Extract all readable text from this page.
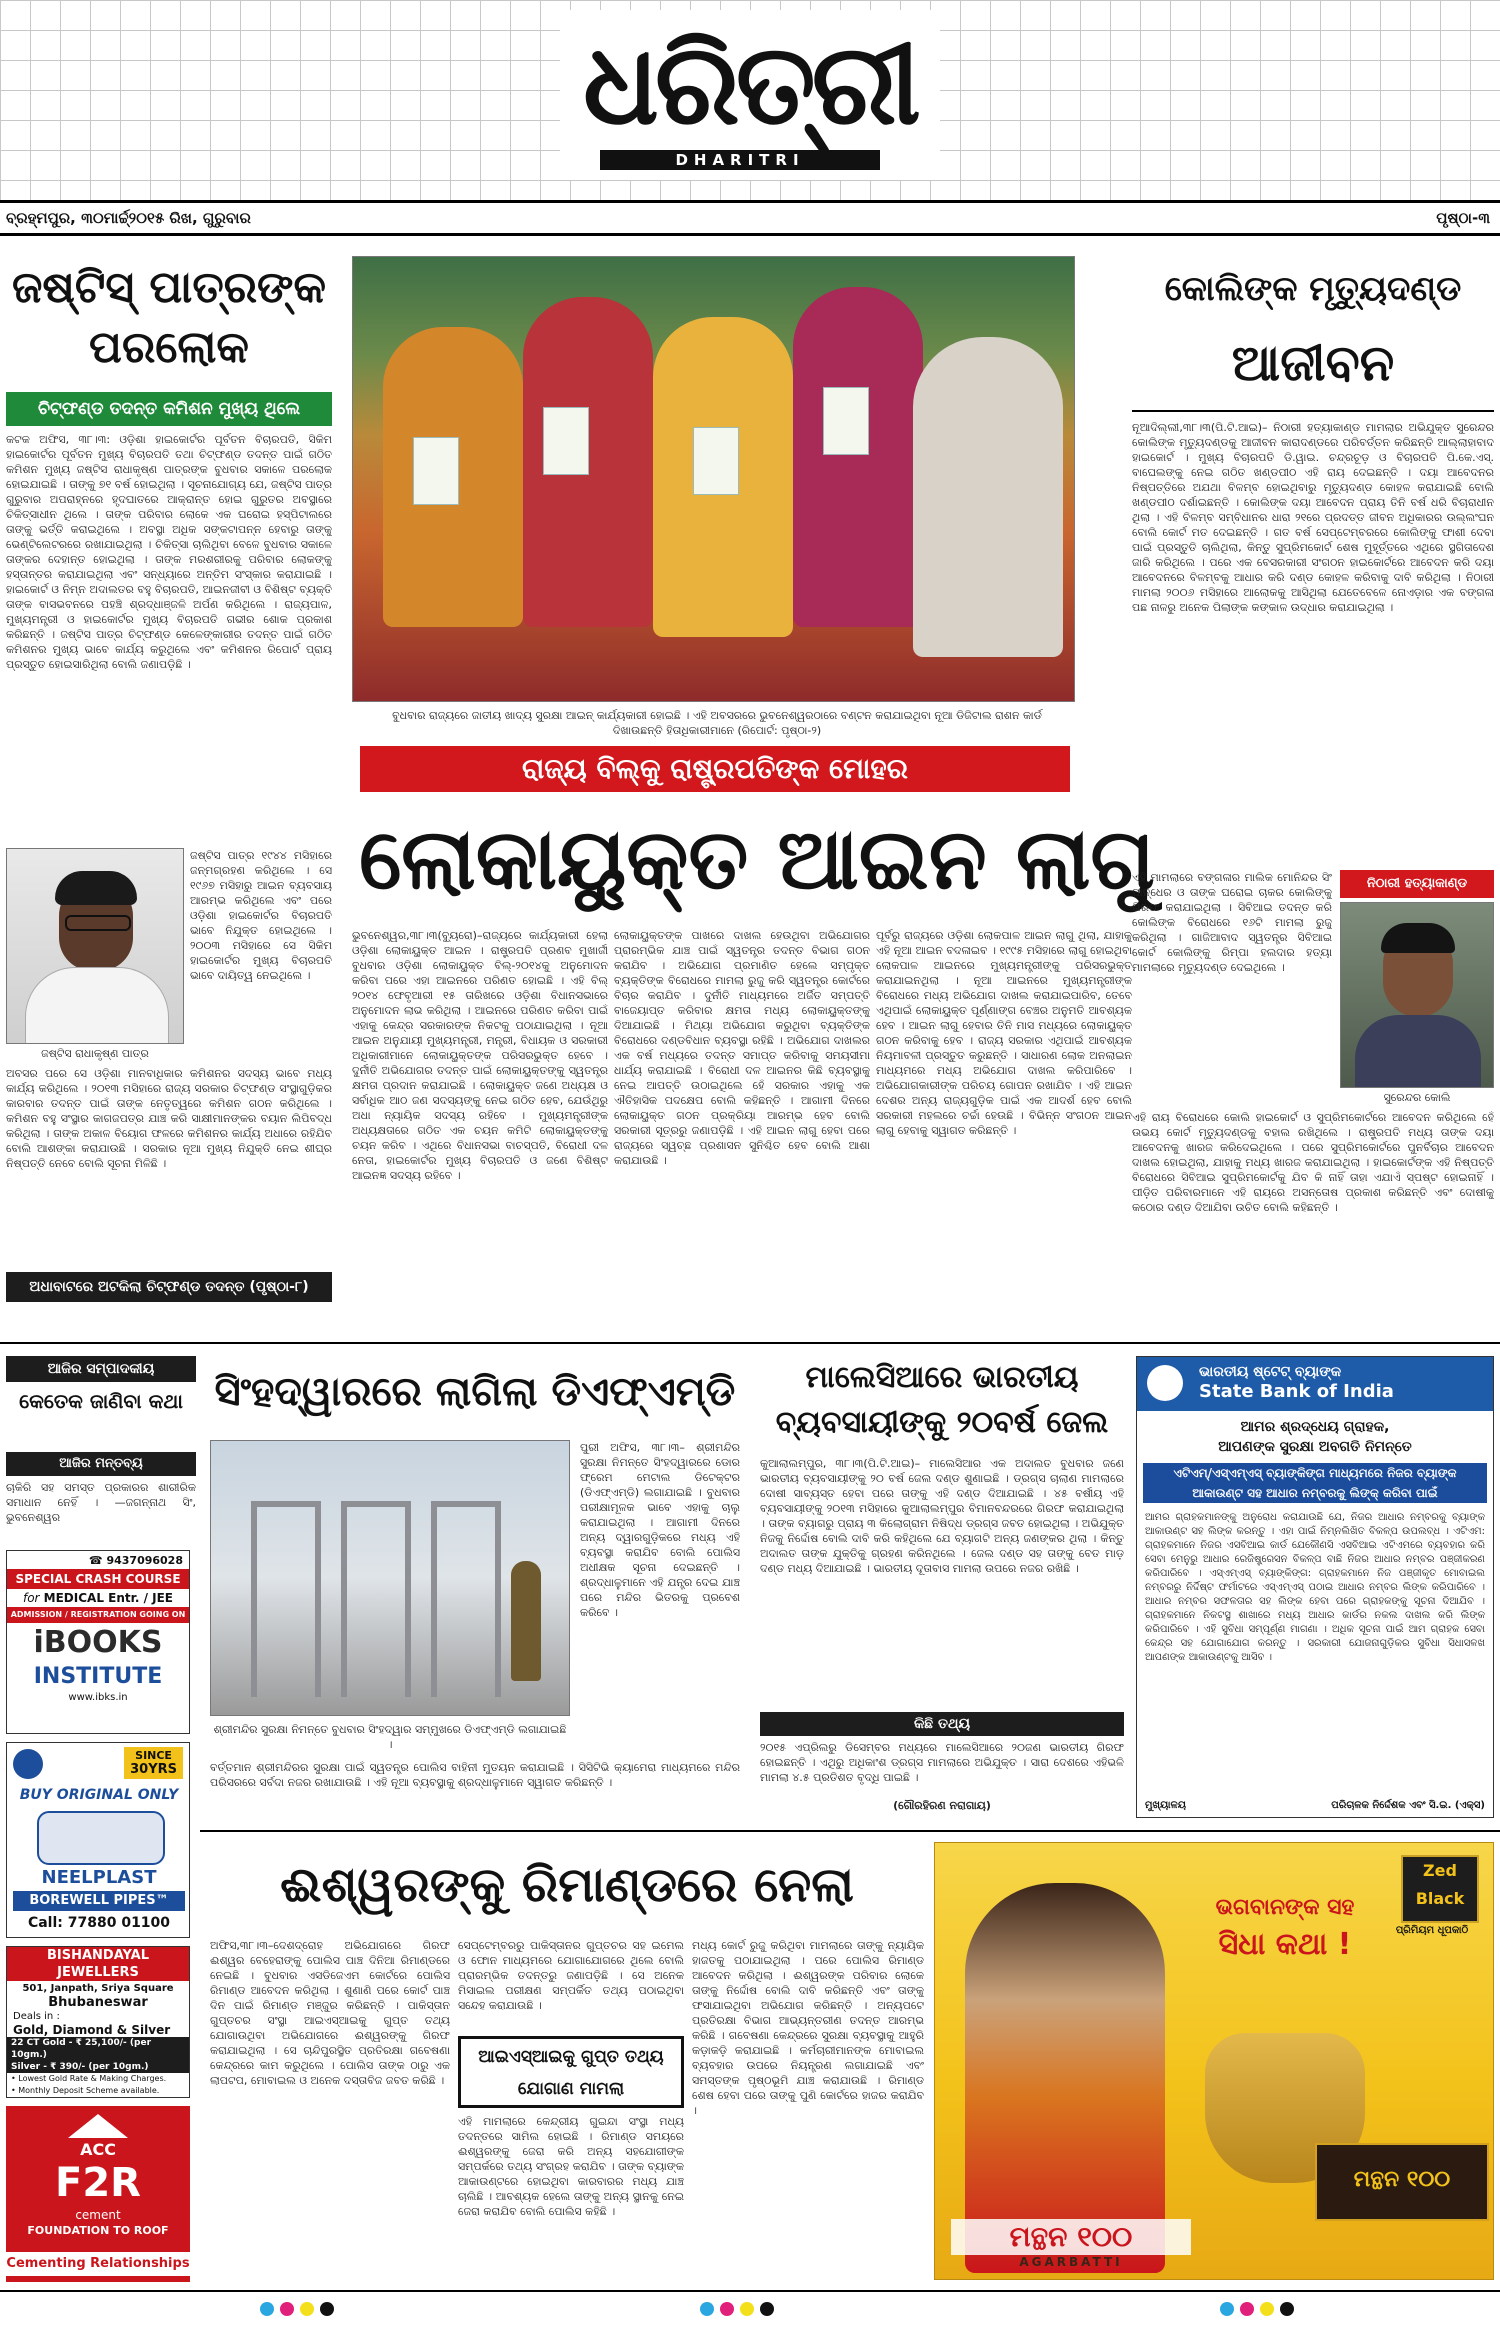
ଧରିତ୍ରୀ
DHARITRI
ବ୍ରହ୍ମପୁର, ୩୦ମାର୍ଚ୍ଚ୍୨୦୧୫ ରିଖ, ଗୁରୁବାର	ପୃଷ୍ଠା-୩
ଜଷ୍ଟିସ୍ ପାତ୍ରଙ୍କ ପରଲୋକ
ଚିଟ୍‌ଫଣ୍ଡ ତଦନ୍ତ କମିଶନ ମୁଖ୍ୟ ଥିଲେ
କଟକ ଅଫିସ, ୩୮।୩: ଓଡ଼ିଶା ହାଇକୋର୍ଟର ପୂର୍ବତନ ବିଚାରପତି, ସିକିମ ହାଇକୋର୍ଟର ପୂର୍ବତନ ମୁଖ୍ୟ ବିଚାରପତି ତଥା ଚିଟ୍‌ଫଣ୍ଡ ତଦନ୍ତ ପାଇଁ ଗଠିତ କମିଶନ ମୁଖ୍ୟ ଜଷ୍ଟିସ ରାଧାକୃଷ୍ଣ ପାତ୍ରଙ୍କ ବୁଧବାର ସକାଳେ ପରଲୋକ ହୋଇଯାଇଛି । ତାଙ୍କୁ ୭୧ ବର୍ଷ ହୋଇଥିଲା । ସୂଚନାଯୋଗ୍ୟ ଯେ, ଜଷ୍ଟିସ ପାତ୍ର ଗୁରୁବାର ଅପରାହ୍ନରେ ହୃଦଘାତରେ ଆକ୍ରାନ୍ତ ହୋଇ ଗୁରୁତର ଅବସ୍ଥାରେ ଚିକିତ୍ସାଧୀନ ଥିଲେ । ତାଙ୍କ ପରିବାର ଲୋକେ ଏକ ଘରୋଇ ହସ୍ପିଟାଲରେ ତାଙ୍କୁ ଭର୍ତ୍ତି କରାଇଥିଲେ । ଅବସ୍ଥା ଅଧିକ ସଙ୍କଟାପନ୍ନ ହେବାରୁ ତାଙ୍କୁ ଭେଣ୍ଟିଲେଟରରେ ରଖାଯାଇଥିଲା । ଚିକିତ୍ସା ଚାଲିଥିବା ବେଳେ ବୁଧବାର ସକାଳେ ତାଙ୍କର ଦେହାନ୍ତ ହୋଇଥିଲା । ତାଙ୍କ ମରଶରୀରକୁ ପରିବାର ଲୋକଙ୍କୁ ହସ୍ତାନ୍ତର କରାଯାଇଥିଲା ଏବଂ ସନ୍ଧ୍ୟାରେ ଅନ୍ତିମ ସଂସ୍କାର କରାଯାଇଛି । ହାଇକୋର୍ଟ ଓ ନିମ୍ନ ଅଦାଲତର ବହୁ ବିଚାରପତି, ଆଇନଜୀବୀ ଓ ବିଶିଷ୍ଟ ବ୍ୟକ୍ତି ତାଙ୍କ ବାସଭବନରେ ପହଞ୍ଚି ଶ୍ରଦ୍ଧାଞ୍ଜଳି ଅର୍ପଣ କରିଥିଲେ । ରାଜ୍ୟପାଳ, ମୁଖ୍ୟମନ୍ତ୍ରୀ ଓ ହାଇକୋର୍ଟର ମୁଖ୍ୟ ବିଚାରପତି ଗଭୀର ଶୋକ ପ୍ରକାଶ କରିଛନ୍ତି । ଜଷ୍ଟିସ ପାତ୍ର ଚିଟ୍‌ଫଣ୍ଡ କେଳେଙ୍କାରୀର ତଦନ୍ତ ପାଇଁ ଗଠିତ କମିଶନର ମୁଖ୍ୟ ଭାବେ କାର୍ଯ୍ୟ କରୁଥିଲେ ଏବଂ କମିଶନର ରିପୋର୍ଟ ପ୍ରାୟ ପ୍ରସ୍ତୁତ ହୋଇସାରିଥିଲା ବୋଲି ଜଣାପଡ଼ିଛି ।
ଜଷ୍ଟିସ ରାଧାକୃଷ୍ଣ ପାତ୍ର
ଜଷ୍ଟିସ ପାତ୍ର ୧୯୪୪ ମସିହାରେ ଜନ୍ମଗ୍ରହଣ କରିଥିଲେ । ସେ ୧୯୬୭ ମସିହାରୁ ଆଇନ ବ୍ୟବସାୟ ଆରମ୍ଭ କରିଥିଲେ ଏବଂ ପରେ ଓଡ଼ିଶା ହାଇକୋର୍ଟର ବିଚାରପତି ଭାବେ ନିଯୁକ୍ତ ହୋଇଥିଲେ । ୨୦୦୩ ମସିହାରେ ସେ ସିକିମ ହାଇକୋର୍ଟର ମୁଖ୍ୟ ବିଚାରପତି ଭାବେ ଦାୟିତ୍ୱ ନେଇଥିଲେ ।
ଅବସର ପରେ ସେ ଓଡ଼ିଶା ମାନବାଧିକାର କମିଶନର ସଦସ୍ୟ ଭାବେ ମଧ୍ୟ କାର୍ଯ୍ୟ କରିଥିଲେ । ୨୦୧୩ ମସିହାରେ ରାଜ୍ୟ ସରକାର ଚିଟ୍‌ଫଣ୍ଡ ସଂସ୍ଥାଗୁଡ଼ିକର କାରବାର ତଦନ୍ତ ପାଇଁ ତାଙ୍କ ନେତୃତ୍ୱରେ କମିଶନ ଗଠନ କରିଥିଲେ । କମିଶନ ବହୁ ସଂସ୍ଥାର କାଗଜପତ୍ର ଯାଞ୍ଚ କରି ସାକ୍ଷୀମାନଙ୍କର ବୟାନ ଲିପିବଦ୍ଧ କରିଥିଲା । ତାଙ୍କ ଅକାଳ ବିୟୋଗ ଫଳରେ କମିଶନର କାର୍ଯ୍ୟ ଅଧାରେ ରହିଯିବ ବୋଲି ଆଶଙ୍କା କରାଯାଉଛି । ସରକାର ନୂଆ ମୁଖ୍ୟ ନିଯୁକ୍ତି ନେଇ ଶୀଘ୍ର ନିଷ୍ପତ୍ତି ନେବେ ବୋଲି ସୂଚନା ମିଳିଛି ।
ଅଧାବାଟରେ ଅଟକିଲା ଚିଟ୍‌ଫଣ୍ଡ ତଦନ୍ତ (ପୃଷ୍ଠା-୮)
ବୁଧବାର ରାଜ୍ୟରେ ଜାତୀୟ ଖାଦ୍ୟ ସୁରକ୍ଷା ଆଇନ୍ କାର୍ଯ୍ୟକାରୀ ହୋଇଛି । ଏହି ଅବସରରେ ଭୁବନେଶ୍ୱରଠାରେ ବଣ୍ଟନ କରାଯାଇଥିବା ନୂଆ ଡିଜିଟାଲ ରାଶନ କାର୍ଡ ଦିଖାଉଛନ୍ତି ହିତାଧିକାରୀମାନେ (ରିପୋର୍ଟ: ପୃଷ୍ଠା-୨)
ରାଜ୍ୟ ବିଲ୍‌କୁ ରାଷ୍ଟ୍ରପତିଙ୍କ ମୋହର
ଲୋକାୟୁକ୍ତ ଆଇନ ଲାଗୁ
ଭୁବନେଶ୍ୱର,୩୮।୩(ବ୍ୟୁରୋ)–ରାଜ୍ୟରେ କାର୍ଯ୍ୟକାରୀ ହେଲା ଓଡ଼ିଶା ଲୋକାୟୁକ୍ତ ଆଇନ । ରାଷ୍ଟ୍ରପତି ପ୍ରଣବ ମୁଖାର୍ଜୀ ବୁଧବାର ଓଡ଼ିଶା ଲୋକାୟୁକ୍ତ ବିଲ୍-୨୦୧୪କୁ ଅନୁମୋଦନ କରିବା ପରେ ଏହା ଆଇନରେ ପରିଣତ ହୋଇଛି । ଏହି ବିଲ୍ ୨୦୧୪ ଫେବୃଆରୀ ୧୫ ତାରିଖରେ ଓଡ଼ିଶା ବିଧାନସଭାରେ ଅନୁମୋଦନ ଲାଭ କରିଥିଲା । ଆଇନରେ ପରିଣତ କରିବା ପାଇଁ ଏହାକୁ କେନ୍ଦ୍ର ସରକାରଙ୍କ ନିକଟକୁ ପଠାଯାଇଥିଲା । ନୂଆ ଆଇନ ଅନୁଯାୟୀ ମୁଖ୍ୟମନ୍ତ୍ରୀ, ମନ୍ତ୍ରୀ, ବିଧାୟକ ଓ ସରକାରୀ ଅଧିକାରୀମାନେ ଲୋକାୟୁକ୍ତଙ୍କ ପରିସରଭୁକ୍ତ ହେବେ । ଦୁର୍ନୀତି ଅଭିଯୋଗର ତଦନ୍ତ ପାଇଁ ଲୋକାୟୁକ୍ତଙ୍କୁ ସ୍ୱତନ୍ତ୍ର କ୍ଷମତା ପ୍ରଦାନ କରାଯାଇଛି । ଲୋକାୟୁକ୍ତ ଜଣେ ଅଧ୍ୟକ୍ଷ ଓ ସର୍ବାଧିକ ଆଠ ଜଣ ସଦସ୍ୟଙ୍କୁ ନେଇ ଗଠିତ ହେବ, ଯେଉଁଥିରୁ ଅଧା ନ୍ୟାୟିକ ସଦସ୍ୟ ରହିବେ । ମୁଖ୍ୟମନ୍ତ୍ରୀଙ୍କ ଅଧ୍ୟକ୍ଷତାରେ ଗଠିତ ଏକ ଚୟନ କମିଟି ଲୋକାୟୁକ୍ତଙ୍କୁ ଚୟନ କରିବ । ଏଥିରେ ବିଧାନସଭା ବାଚସ୍ପତି, ବିରୋଧୀ ଦଳ ନେତା, ହାଇକୋର୍ଟର ମୁଖ୍ୟ ବିଚାରପତି ଓ ଜଣେ ବିଶିଷ୍ଟ ଆଇନଜ୍ଞ ସଦସ୍ୟ ରହିବେ ।
ଲୋକାୟୁକ୍ତଙ୍କ ପାଖରେ ଦାଖଲ ହେଉଥିବା ଅଭିଯୋଗର ପ୍ରାରମ୍ଭିକ ଯାଞ୍ଚ ପାଇଁ ସ୍ୱତନ୍ତ୍ର ତଦନ୍ତ ବିଭାଗ ଗଠନ କରାଯିବ । ଅଭିଯୋଗ ପ୍ରମାଣିତ ହେଲେ ସମ୍ପୃକ୍ତ ବ୍ୟକ୍ତିଙ୍କ ବିରୋଧରେ ମାମଲା ରୁଜୁ କରି ସ୍ୱତନ୍ତ୍ର କୋର୍ଟରେ ବିଚାର କରାଯିବ । ଦୁର୍ନୀତି ମାଧ୍ୟମରେ ଅର୍ଜିତ ସମ୍ପତ୍ତି ବାଜେୟାପ୍ତ କରିବାର କ୍ଷମତା ମଧ୍ୟ ଲୋକାୟୁକ୍ତଙ୍କୁ ଦିଆଯାଇଛି । ମିଥ୍ୟା ଅଭିଯୋଗ କରୁଥିବା ବ୍ୟକ୍ତିଙ୍କ ବିରୋଧରେ ଦଣ୍ଡବିଧାନ ବ୍ୟବସ୍ଥା ରହିଛି । ଅଭିଯୋଗ ଦାଖଲର ଏକ ବର୍ଷ ମଧ୍ୟରେ ତଦନ୍ତ ସମାପ୍ତ କରିବାକୁ ସମୟସୀମା ଧାର୍ଯ୍ୟ କରାଯାଇଛି । ବିରୋଧୀ ଦଳ ଆଇନର କିଛି ବ୍ୟବସ୍ଥାକୁ ନେଇ ଆପତ୍ତି ଉଠାଇଥିଲେ ହେଁ ସରକାର ଏହାକୁ ଏକ ଐତିହାସିକ ପଦକ୍ଷେପ ବୋଲି କହିଛନ୍ତି । ଆଗାମୀ ଦିନରେ ଲୋକାୟୁକ୍ତ ଗଠନ ପ୍ରକ୍ରିୟା ଆରମ୍ଭ ହେବ ବୋଲି ସରକାରୀ ସୂତ୍ରରୁ ଜଣାପଡ଼ିଛି । ଏହି ଆଇନ ଲାଗୁ ହେବା ପରେ ରାଜ୍ୟରେ ସ୍ୱଚ୍ଛ ପ୍ରଶାସନ ସୁନିଶ୍ଚିତ ହେବ ବୋଲି ଆଶା କରାଯାଉଛି ।
ପୂର୍ବରୁ ରାଜ୍ୟରେ ଓଡ଼ିଶା ଲୋକପାଳ ଆଇନ ଲାଗୁ ଥିଲା, ଯାହାକୁ ଏହି ନୂଆ ଆଇନ ବଦଳାଇବ । ୧୯୯୫ ମସିହାରେ ଲାଗୁ ହୋଇଥିବା ଲୋକପାଳ ଆଇନରେ ମୁଖ୍ୟମନ୍ତ୍ରୀଙ୍କୁ ପରିସରଭୁକ୍ତ କରାଯାଇନଥିଲା । ନୂଆ ଆଇନରେ ମୁଖ୍ୟମନ୍ତ୍ରୀଙ୍କ ବିରୋଧରେ ମଧ୍ୟ ଅଭିଯୋଗ ଦାଖଲ କରାଯାଇପାରିବ, ତେବେ ଏଥିପାଇଁ ଲୋକାୟୁକ୍ତ ପୂର୍ଣ୍ଣାଙ୍ଗ ବେଞ୍ଚର ଅନୁମତି ଆବଶ୍ୟକ ହେବ । ଆଇନ ଲାଗୁ ହେବାର ତିନି ମାସ ମଧ୍ୟରେ ଲୋକାୟୁକ୍ତ ଗଠନ କରିବାକୁ ହେବ । ରାଜ୍ୟ ସରକାର ଏଥିପାଇଁ ଆବଶ୍ୟକ ନିୟମାବଳୀ ପ୍ରସ୍ତୁତ କରୁଛନ୍ତି । ସାଧାରଣ ଲୋକ ଅନଲାଇନ ମାଧ୍ୟମରେ ମଧ୍ୟ ଅଭିଯୋଗ ଦାଖଲ କରିପାରିବେ । ଅଭିଯୋଗକାରୀଙ୍କ ପରିଚୟ ଗୋପନ ରଖାଯିବ । ଏହି ଆଇନ ଦେଶର ଅନ୍ୟ ରାଜ୍ୟଗୁଡ଼ିକ ପାଇଁ ଏକ ଆଦର୍ଶ ହେବ ବୋଲି ସରକାରୀ ମହଲରେ ଚର୍ଚ୍ଚା ହେଉଛି । ବିଭିନ୍ନ ସଂଗଠନ ଆଇନ ଲାଗୁ ହେବାକୁ ସ୍ୱାଗତ କରିଛନ୍ତି ।
କୋଲିଙ୍କ ମୃତ୍ୟୁଦଣ୍ଡ
ଆଜୀବନ
ନୂଆଦିଲ୍ଲୀ,୩୮।୩(ପି.ଟି.ଆଇ)– ନିଠାରୀ ହତ୍ୟାକାଣ୍ଡ ମାମଲାର ଅଭିଯୁକ୍ତ ସୁରେନ୍ଦର କୋଲିଙ୍କ ମୃତ୍ୟୁଦଣ୍ଡକୁ ଆଜୀବନ କାରାଦଣ୍ଡରେ ପରିବର୍ତ୍ତନ କରିଛନ୍ତି ଆଲ୍ଲାହାବାଦ ହାଇକୋର୍ଟ । ମୁଖ୍ୟ ବିଚାରପତି ଡି.ୱାଇ. ଚନ୍ଦ୍ରଚୂଡ଼ ଓ ବିଚାରପତି ପି.କେ.ଏସ୍. ବାଘେଲଙ୍କୁ ନେଇ ଗଠିତ ଖଣ୍ଡପୀଠ ଏହି ରାୟ ଦେଇଛନ୍ତି । ଦୟା ଆବେଦନର ନିଷ୍ପତ୍ତିରେ ଅଯଥା ବିଳମ୍ବ ହୋଇଥିବାରୁ ମୃତ୍ୟୁଦଣ୍ଡ କୋହଳ କରାଯାଇଛି ବୋଲି ଖଣ୍ଡପୀଠ ଦର୍ଶାଇଛନ୍ତି । କୋଲିଙ୍କ ଦୟା ଆବେଦନ ପ୍ରାୟ ତିନି ବର୍ଷ ଧରି ବିଚାରାଧୀନ ଥିଲା । ଏହି ବିଳମ୍ବ ସମ୍ବିଧାନର ଧାରା ୨୧ରେ ପ୍ରଦତ୍ତ ଜୀବନ ଅଧିକାରର ଉଲ୍ଲଂଘନ ବୋଲି କୋର୍ଟ ମତ ଦେଇଛନ୍ତି । ଗତ ବର୍ଷ ସେପ୍ଟେମ୍ବରରେ କୋଲିଙ୍କୁ ଫାଶୀ ଦେବା ପାଇଁ ପ୍ରସ୍ତୁତି ଚାଲିଥିଲା, କିନ୍ତୁ ସୁପ୍ରିମକୋର୍ଟ ଶେଷ ମୁହୂର୍ତ୍ତରେ ଏଥିରେ ସ୍ଥଗିତାଦେଶ ଜାରି କରିଥିଲେ । ପରେ ଏକ ବେସରକାରୀ ସଂଗଠନ ହାଇକୋର୍ଟରେ ଆବେଦନ କରି ଦୟା ଆବେଦନରେ ବିଳମ୍ବକୁ ଆଧାର କରି ଦଣ୍ଡ କୋହଳ କରିବାକୁ ଦାବି କରିଥିଲା । ନିଠାରୀ ମାମଲା ୨୦୦୬ ମସିହାରେ ଆଲୋକକୁ ଆସିଥିଲା ଯେତେବେଳେ ନୋଏଡ଼ାର ଏକ ବଙ୍ଗଳା ପଛ ନାଳରୁ ଅନେକ ପିଲାଙ୍କ କଙ୍କାଳ ଉଦ୍ଧାର କରାଯାଇଥିଲା ।
ନିଠାରୀ ହତ୍ୟାକାଣ୍ଡ
ଏହି ମାମଲାରେ ବଙ୍ଗଳାର ମାଲିକ ମୋନିନ୍ଦର ସିଂ ପାନ୍ଧେର ଓ ତାଙ୍କ ଘରୋଇ ଚାକର କୋଲିଙ୍କୁ ଗିରଫ କରାଯାଇଥିଲା । ସିବିଆଇ ତଦନ୍ତ କରି କୋଲିଙ୍କ ବିରୋଧରେ ୧୬ଟି ମାମଲା ରୁଜୁ କରିଥିଲା । ଗାଜିଆବାଦ ସ୍ୱତନ୍ତ୍ର ସିବିଆଇ କୋର୍ଟ କୋଲିଙ୍କୁ ରିମ୍ପା ହଲଦାର ହତ୍ୟା ମାମଲାରେ ମୃତ୍ୟୁଦଣ୍ଡ ଦେଇଥିଲେ ।
ସୁରେନ୍ଦର କୋଲି
ଏହି ରାୟ ବିରୋଧରେ କୋଲି ହାଇକୋର୍ଟ ଓ ସୁପ୍ରିମକୋର୍ଟରେ ଆବେଦନ କରିଥିଲେ ହେଁ ଉଭୟ କୋର୍ଟ ମୃତ୍ୟୁଦଣ୍ଡକୁ ବହାଲ ରଖିଥିଲେ । ରାଷ୍ଟ୍ରପତି ମଧ୍ୟ ତାଙ୍କ ଦୟା ଆବେଦନକୁ ଖାରଜ କରିଦେଇଥିଲେ । ପରେ ସୁପ୍ରିମକୋର୍ଟରେ ପୁନର୍ବିଚାର ଆବେଦନ ଦାଖଲ ହୋଇଥିଲା, ଯାହାକୁ ମଧ୍ୟ ଖାରଜ କରାଯାଇଥିଲା । ହାଇକୋର୍ଟଙ୍କ ଏହି ନିଷ୍ପତ୍ତି ବିରୋଧରେ ସିବିଆଇ ସୁପ୍ରିମକୋର୍ଟକୁ ଯିବ କି ନାହିଁ ତାହା ଏଯାଏଁ ସ୍ପଷ୍ଟ ହୋଇନାହିଁ । ପୀଡ଼ିତ ପରିବାରମାନେ ଏହି ରାୟରେ ଅସନ୍ତୋଷ ପ୍ରକାଶ କରିଛନ୍ତି ଏବଂ ଦୋଷୀକୁ କଠୋର ଦଣ୍ଡ ଦିଆଯିବା ଉଚିତ ବୋଲି କହିଛନ୍ତି ।
ଆଜିର ସମ୍ପାଦକୀୟ
କେତେକ ଜାଣିବା କଥା
ଆଜିର ମନ୍ତବ୍ୟ
ଚାକିରି ସହ ସମସ୍ତ ପ୍ରକାରର ଶାରୀରିକ ସମାଧାନ ନେହିଁ । —ଜଗନ୍ନାଥ ସିଂ, ଭୁବନେଶ୍ୱର
☎ 9437096028
SPECIAL CRASH COURSE
for MEDICAL Entr. / JEE
ADMISSION / REGISTRATION GOING ON
iBOOKS
INSTITUTE
www.ibks.in
SINCE
30YRS
BUY ORIGINAL ONLY
NEELPLAST
BOREWELL PIPES™
Call: 77880 01100
BISHANDAYAL
JEWELLERS
501, Janpath, Sriya Square
Bhubaneswar
Deals in :
Gold, Diamond & Silver
22 CT Gold - ₹ 25,100/- (per 10gm.)
Silver - ₹ 390/- (per 10gm.)
• Lowest Gold Rate & Making Charges.
• Monthly Deposit Scheme available.
ACC
F2R
cement
FOUNDATION TO ROOF
Cementing Relationships
ସିଂହଦ୍ୱାରରେ ଲାଗିଲା ଡିଏଫ୍‌ଏମ୍‌ଡି
ଶ୍ରୀମନ୍ଦିର ସୁରକ୍ଷା ନିମନ୍ତେ ବୁଧବାର ସିଂହଦ୍ୱାର ସମ୍ମୁଖରେ ଡିଏଫ୍‌ଏମ୍‌ଡି ଲଗାଯାଇଛି ।
ପୁରୀ ଅଫିସ, ୩୮।୩– ଶ୍ରୀମନ୍ଦିର ସୁରକ୍ଷା ନିମନ୍ତେ ସିଂହଦ୍ୱାରରେ ଡୋର ଫ୍ରେମ ମେଟାଲ ଡିଟେକ୍ଟର (ଡିଏଫ୍‌ଏମ୍‌ଡି) ଲଗାଯାଇଛି । ବୁଧବାର ପରୀକ୍ଷାମୂଳକ ଭାବେ ଏହାକୁ ଚାଲୁ କରାଯାଇଥିଲା । ଆଗାମୀ ଦିନରେ ଅନ୍ୟ ଦ୍ୱାରଗୁଡ଼ିକରେ ମଧ୍ୟ ଏହି ବ୍ୟବସ୍ଥା କରାଯିବ ବୋଲି ପୋଲିସ ଅଧୀକ୍ଷକ ସୂଚନା ଦେଇଛନ୍ତି । ଶ୍ରଦ୍ଧାଳୁମାନେ ଏହି ଯନ୍ତ୍ର ଦେଇ ଯାଞ୍ଚ ପରେ ମନ୍ଦିର ଭିତରକୁ ପ୍ରବେଶ କରିବେ ।
ବର୍ତ୍ତମାନ ଶ୍ରୀମନ୍ଦିରର ସୁରକ୍ଷା ପାଇଁ ସ୍ୱତନ୍ତ୍ର ପୋଲିସ ବାହିନୀ ମୁତୟନ କରାଯାଇଛି । ସିସିଟିଭି କ୍ୟାମେରା ମାଧ୍ୟମରେ ମନ୍ଦିର ପରିସରରେ ସର୍ବଦା ନଜର ରଖାଯାଉଛି । ଏହି ନୂଆ ବ୍ୟବସ୍ଥାକୁ ଶ୍ରଦ୍ଧାଳୁମାନେ ସ୍ୱାଗତ କରିଛନ୍ତି ।
ମାଲେସିଆରେ ଭାରତୀୟ
ବ୍ୟବସାୟୀଙ୍କୁ ୨୦ବର୍ଷ ଜେଲ
କୁଆଲାଲମ୍ପୁର, ୩୮।୩(ପି.ଟି.ଆଇ)– ମାଲେସିଆର ଏକ ଅଦାଲତ ବୁଧବାର ଜଣେ ଭାରତୀୟ ବ୍ୟବସାୟୀଙ୍କୁ ୨୦ ବର୍ଷ ଜେଲ ଦଣ୍ଡ ଶୁଣାଇଛି । ଡ୍ରଗ୍ସ ଚାଲାଣ ମାମଲାରେ ଦୋଷୀ ସାବ୍ୟସ୍ତ ହେବା ପରେ ତାଙ୍କୁ ଏହି ଦଣ୍ଡ ଦିଆଯାଇଛି । ୪୫ ବର୍ଷୀୟ ଏହି ବ୍ୟବସାୟୀଙ୍କୁ ୨୦୧୩ ମସିହାରେ କୁଆଲାଲମ୍ପୁର ବିମାନବନ୍ଦରରେ ଗିରଫ କରାଯାଇଥିଲା । ତାଙ୍କ ବ୍ୟାଗରୁ ପ୍ରାୟ ୩ କିଲୋଗ୍ରାମ ନିଷିଦ୍ଧ ଡ୍ରଗ୍ସ ଜବତ ହୋଇଥିଲା । ଅଭିଯୁକ୍ତ ନିଜକୁ ନିର୍ଦ୍ଦୋଷ ବୋଲି ଦାବି କରି କହିଥିଲେ ଯେ ବ୍ୟାଗଟି ଅନ୍ୟ ଜଣଙ୍କର ଥିଲା । କିନ୍ତୁ ଅଦାଲତ ତାଙ୍କ ଯୁକ୍ତିକୁ ଗ୍ରହଣ କରିନଥିଲେ । ଜେଲ ଦଣ୍ଡ ସହ ତାଙ୍କୁ ବେତ ମାଡ଼ ଦଣ୍ଡ ମଧ୍ୟ ଦିଆଯାଇଛି । ଭାରତୀୟ ଦୂତାବାସ ମାମଲା ଉପରେ ନଜର ରଖିଛି ।
କିଛି ତଥ୍ୟ
୨୦୧୫ ଏପ୍ରିଲରୁ ଡିସେମ୍ବର ମଧ୍ୟରେ ମାଲେସିଆରେ ୨୦ଜଣ ଭାରତୀୟ ଗିରଫ ହୋଇଛନ୍ତି । ଏଥିରୁ ଅଧିକାଂଶ ଡ୍ରଗ୍ସ ମାମଲାରେ ଅଭିଯୁକ୍ତ । ସାରା ଦେଶରେ ଏହିଭଳି ମାମଲା ୪.୫ ପ୍ରତିଶତ ବୃଦ୍ଧି ପାଇଛି ।
(ଗୌରହିରଣ ନରାଗାୟ)
ଭାରତୀୟ ଷ୍ଟେଟ୍ ବ୍ୟାଙ୍କ
State Bank of India
ଆମର ଶ୍ରଦ୍ଧେୟ ଗ୍ରାହକ,
ଆପଣଙ୍କ ସୁରକ୍ଷା ଅବଗତି ନିମନ୍ତେ
ଏଟିଏମ୍/ଏସ୍‌ଏମ୍‌ଏସ୍ ବ୍ୟାଙ୍କିଙ୍ଗ ମାଧ୍ୟମରେ ନିଜର ବ୍ୟାଙ୍କ
ଆକାଉଣ୍ଟ ସହ ଆଧାର ନମ୍ବରକୁ ଲିଙ୍କ୍ କରିବା ପାଇଁ
ଆମର ଗ୍ରାହକମାନଙ୍କୁ ଅନୁରୋଧ କରାଯାଉଛି ଯେ, ନିଜର ଆଧାର ନମ୍ବରକୁ ବ୍ୟାଙ୍କ ଆକାଉଣ୍ଟ ସହ ଲିଙ୍କ କରନ୍ତୁ । ଏହା ପାଇଁ ନିମ୍ନଲିଖିତ ବିକଳ୍ପ ଉପଲବ୍ଧ । ଏଟିଏମ: ଗ୍ରାହକମାନେ ନିଜର ଏସବିଆଇ କାର୍ଡ ଯେକୌଣସି ଏସବିଆଇ ଏଟିଏମରେ ବ୍ୟବହାର କରି ସେବା ମେନୁରୁ ଆଧାର ରେଜିଷ୍ଟ୍ରେସନ ବିକଳ୍ପ ବାଛି ନିଜର ଆଧାର ନମ୍ବର ପଞ୍ଜୀକରଣ କରିପାରିବେ । ଏସ୍‌ଏମ୍‌ଏସ୍ ବ୍ୟାଙ୍କିଙ୍ଗ: ଗ୍ରାହକମାନେ ନିଜ ପଞ୍ଜୀକୃତ ମୋବାଇଲ ନମ୍ବରରୁ ନିର୍ଦ୍ଦିଷ୍ଟ ଫର୍ମାଟରେ ଏସ୍‌ଏମ୍‌ଏସ୍ ପଠାଇ ଆଧାର ନମ୍ବର ଲିଙ୍କ କରିପାରିବେ । ଆଧାର ନମ୍ବର ସଫଳତାର ସହ ଲିଙ୍କ ହେବା ପରେ ଗ୍ରାହକଙ୍କୁ ସୂଚନା ଦିଆଯିବ । ଗ୍ରାହକମାନେ ନିକଟସ୍ଥ ଶାଖାରେ ମଧ୍ୟ ଆଧାର କାର୍ଡର ନକଲ ଦାଖଲ କରି ଲିଙ୍କ କରିପାରିବେ । ଏହି ସୁବିଧା ସମ୍ପୂର୍ଣ୍ଣ ମାଗଣା । ଅଧିକ ସୂଚନା ପାଇଁ ଆମ ଗ୍ରାହକ ସେବା କେନ୍ଦ୍ର ସହ ଯୋଗାଯୋଗ କରନ୍ତୁ । ସରକାରୀ ଯୋଜନାଗୁଡ଼ିକର ସୁବିଧା ସିଧାସଳଖ ଆପଣଙ୍କ ଆକାଉଣ୍ଟକୁ ଆସିବ ।
ମୁଖ୍ୟାଳୟ	ପରିଚାଳକ ନିର୍ଦ୍ଦେଶକ ଏବଂ ସି.ଇ. (ଏକ୍ସ)
ଈଶ୍ୱରଙ୍କୁ ରିମାଣ୍ଡରେ ନେଲା
ଅଫିସ,୩୮।୩–ଦେଶଦ୍ରୋହ ଅଭିଯୋଗରେ ଗିରଫ ଈଶ୍ୱର ବେହେରାଙ୍କୁ ପୋଲିସ ପାଞ୍ଚ ଦିନିଆ ରିମାଣ୍ଡରେ ନେଇଛି । ବୁଧବାର ଏସଡିଜେଏମ କୋର୍ଟରେ ପୋଲିସ ରିମାଣ୍ଡ ଆବେଦନ କରିଥିଲା । ଶୁଣାଣି ପରେ କୋର୍ଟ ପାଞ୍ଚ ଦିନ ପାଇଁ ରିମାଣ୍ଡ ମଞ୍ଜୁର କରିଛନ୍ତି । ପାକିସ୍ତାନ ଗୁପ୍ତଚର ସଂସ୍ଥା ଆଇଏସ୍ଆଇକୁ ଗୁପ୍ତ ତଥ୍ୟ ଯୋଗାଉଥିବା ଅଭିଯୋଗରେ ଈଶ୍ୱରଙ୍କୁ ଗିରଫ କରାଯାଇଥିଲା । ସେ ଚାନ୍ଦିପୁରସ୍ଥିତ ପ୍ରତିରକ୍ଷା ଗବେଷଣା କେନ୍ଦ୍ରରେ କାମ କରୁଥିଲେ । ପୋଲିସ ତାଙ୍କ ଠାରୁ ଏକ ଲାପଟପ, ମୋବାଇଲ ଓ ଅନେକ ଦସ୍ତାବିଜ ଜବତ କରିଛି ।
ସେପ୍ଟେମ୍ବରରୁ ପାକିସ୍ତାନର ଗୁପ୍ତଚର ସହ ଇମେଲ ଓ ଫୋନ ମାଧ୍ୟମରେ ଯୋଗାଯୋଗରେ ଥିଲେ ବୋଲି ପ୍ରାରମ୍ଭିକ ତଦନ୍ତରୁ ଜଣାପଡ଼ିଛି । ସେ ଅନେକ ମିସାଇଲ ପରୀକ୍ଷଣ ସମ୍ପର୍କିତ ତଥ୍ୟ ପଠାଇଥିବା ସନ୍ଦେହ କରାଯାଉଛି ।
ଆଇଏସ୍ଆଇକୁ ଗୁପ୍ତ ତଥ୍ୟ ଯୋଗାଣ ମାମଲା
ଏହି ମାମଲାରେ କେନ୍ଦ୍ରୀୟ ଗୁଇନ୍ଦା ସଂସ୍ଥା ମଧ୍ୟ ତଦନ୍ତରେ ସାମିଲ ହୋଇଛି । ରିମାଣ୍ଡ ସମୟରେ ଈଶ୍ୱରଙ୍କୁ ଜେରା କରି ଅନ୍ୟ ସହଯୋଗୀଙ୍କ ସମ୍ପର୍କରେ ତଥ୍ୟ ସଂଗ୍ରହ କରାଯିବ । ତାଙ୍କ ବ୍ୟାଙ୍କ ଆକାଉଣ୍ଟରେ ହୋଇଥିବା କାରବାରର ମଧ୍ୟ ଯାଞ୍ଚ ଚାଲିଛି । ଆବଶ୍ୟକ ହେଲେ ତାଙ୍କୁ ଅନ୍ୟ ସ୍ଥାନକୁ ନେଇ ଜେରା କରାଯିବ ବୋଲି ପୋଲିସ କହିଛି ।
ମଧ୍ୟ କୋର୍ଟ ରୁଜୁ କରିଥିବା ମାମଲାରେ ତାଙ୍କୁ ନ୍ୟାୟିକ ହାଜତକୁ ପଠାଯାଇଥିଲା । ପରେ ପୋଲିସ ରିମାଣ୍ଡ ଆବେଦନ କରିଥିଲା । ଈଶ୍ୱରଙ୍କ ପରିବାର ଲୋକେ ତାଙ୍କୁ ନିର୍ଦ୍ଦୋଷ ବୋଲି ଦାବି କରିଛନ୍ତି ଏବଂ ତାଙ୍କୁ ଫସାଯାଇଥିବା ଅଭିଯୋଗ କରିଛନ୍ତି । ଅନ୍ୟପଟେ ପ୍ରତିରକ୍ଷା ବିଭାଗ ଆଭ୍ୟନ୍ତରୀଣ ତଦନ୍ତ ଆରମ୍ଭ କରିଛି । ଗବେଷଣା କେନ୍ଦ୍ରରେ ସୁରକ୍ଷା ବ୍ୟବସ୍ଥାକୁ ଆହୁରି କଡ଼ାକଡ଼ି କରାଯାଇଛି । କର୍ମଚାରୀମାନଙ୍କ ମୋବାଇଲ ବ୍ୟବହାର ଉପରେ ନିୟନ୍ତ୍ରଣ ଲଗାଯାଇଛି ଏବଂ ସମସ୍ତଙ୍କ ପୃଷ୍ଠଭୂମି ଯାଞ୍ଚ କରାଯାଉଛି । ରିମାଣ୍ଡ ଶେଷ ହେବା ପରେ ତାଙ୍କୁ ପୁଣି କୋର୍ଟରେ ହାଜର କରାଯିବ ।
Zed
Black
ପ୍ରିମିୟମ ଧୂପକାଠି
ଭଗବାନଙ୍କ ସହ
ସିଧା କଥା !
ମନ୍ଥନ ୧୦୦
ମନ୍ଥନ ୧୦୦
AGARBATTI
